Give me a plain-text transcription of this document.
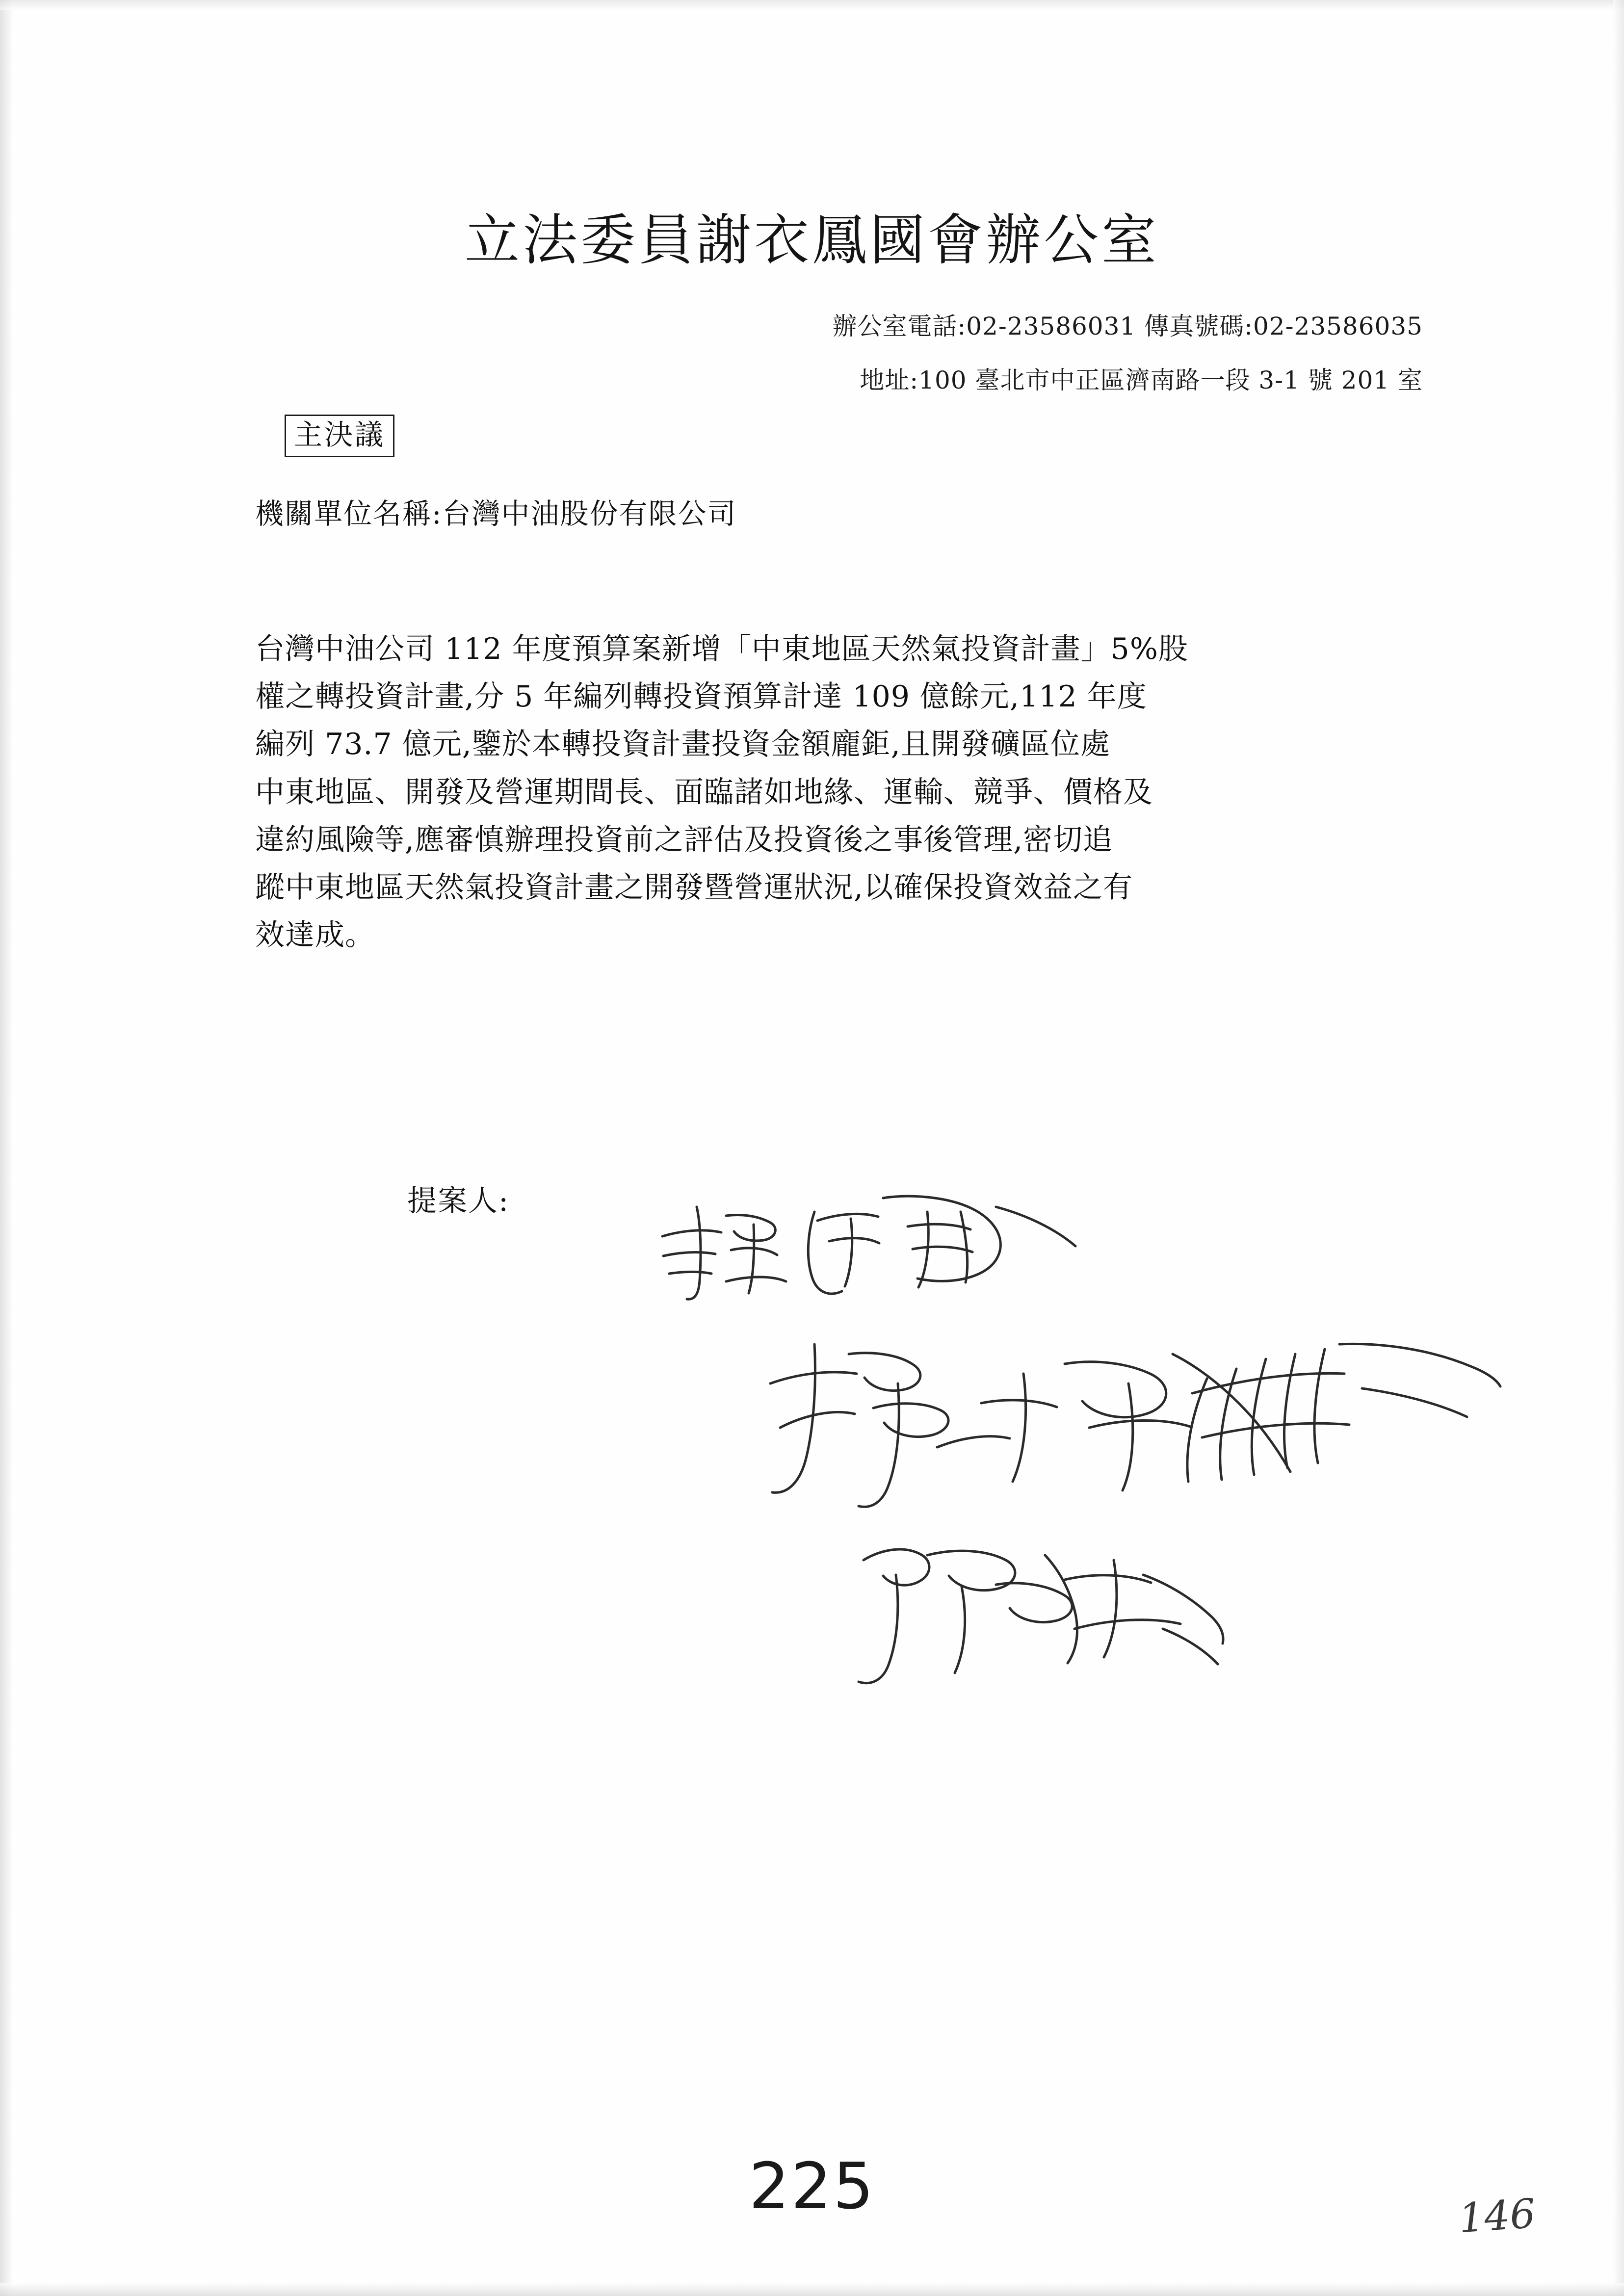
立法委員謝衣鳳國會辦公室
辦公室電話:02-23586031 傳真號碼:02-23586035
地址:100 臺北市中正區濟南路一段 3-1 號 201 室
主決議
機關單位名稱:台灣中油股份有限公司
台灣中油公司 112 年度預算案新增「中東地區天然氣投資計畫」5%股
權之轉投資計畫,分 5 年編列轉投資預算計達 109 億餘元,112 年度
編列 73.7 億元,鑒於本轉投資計畫投資金額龐鉅,且開發礦區位處
中東地區、開發及營運期間長、面臨諸如地緣、運輸、競爭、價格及
違約風險等,應審慎辦理投資前之評估及投資後之事後管理,密切追
蹤中東地區天然氣投資計畫之開發暨營運狀況,以確保投資效益之有
效達成。
提案人:
225	146
